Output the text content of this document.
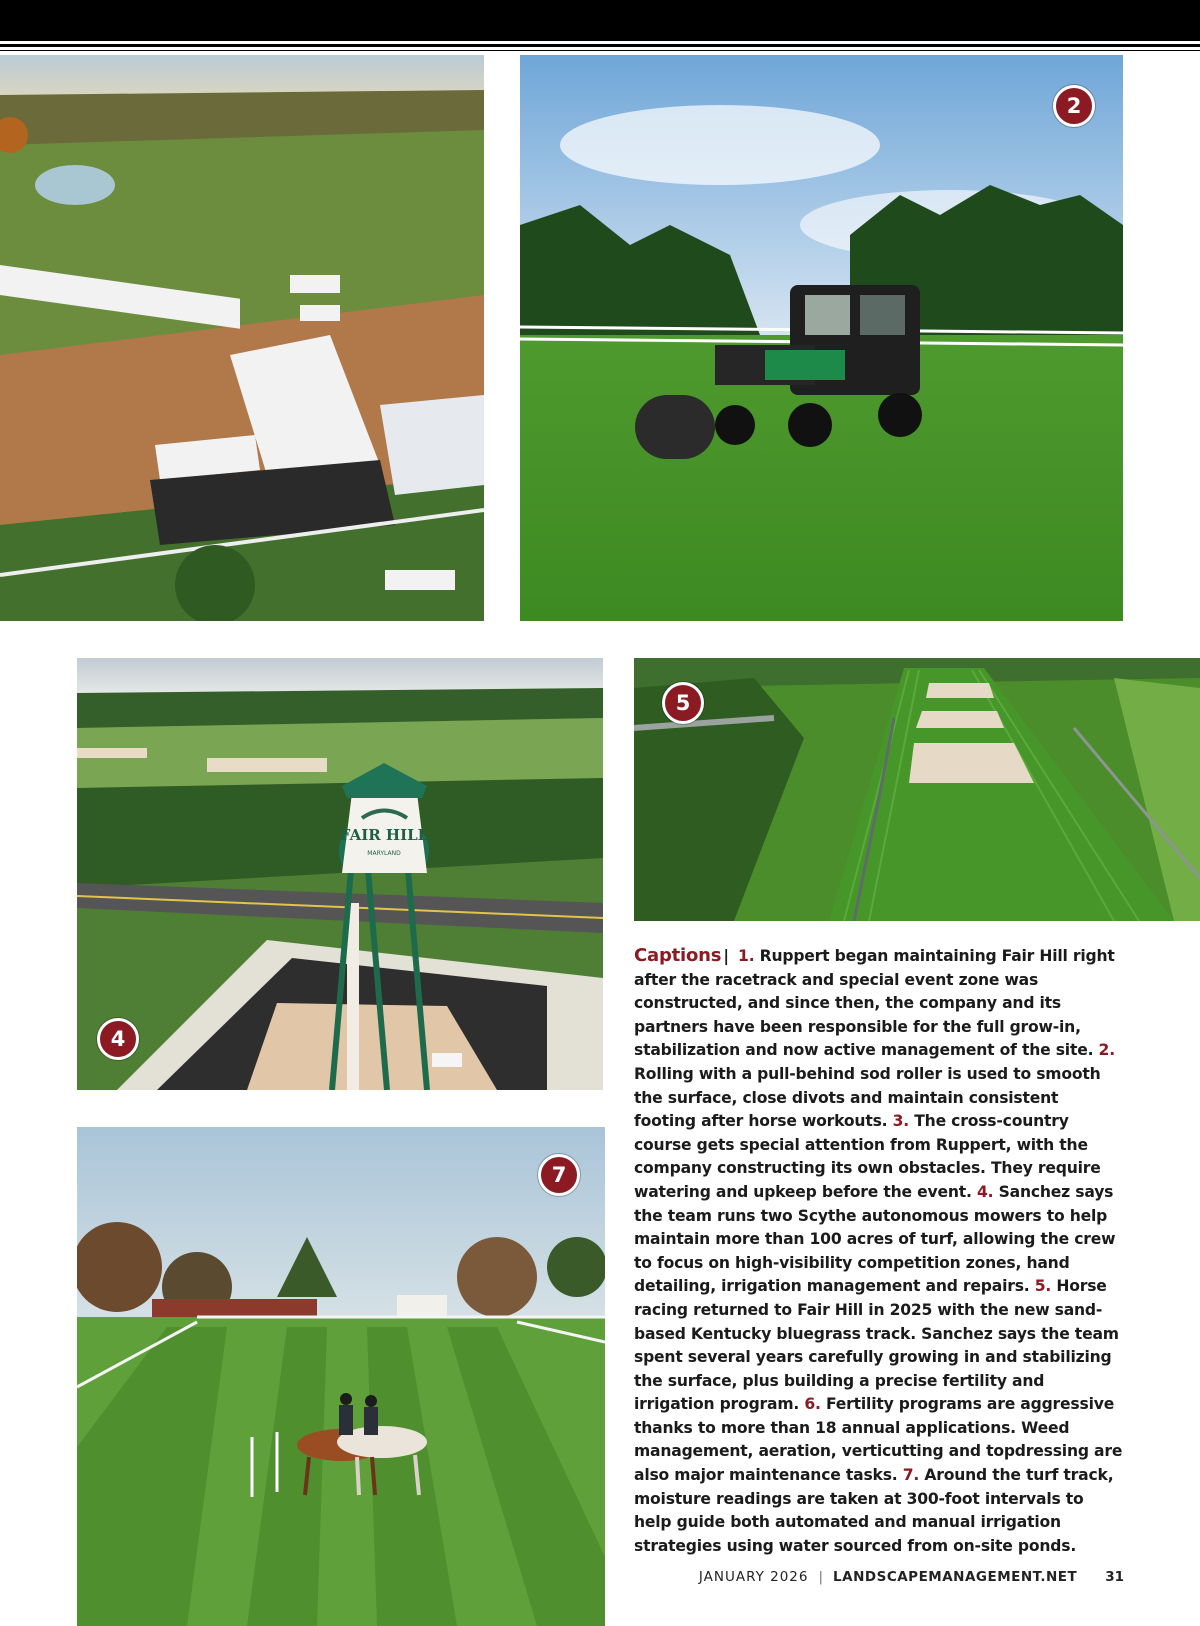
2
FAIR HILL
MARYLAND
4
5
7
Captions | 1. Ruppert began maintaining Fair Hill right after the racetrack and special event zone was constructed, and since then, the company and its partners have been responsible for the full grow-in, stabilization and now active management of the site. 2. Rolling with a pull-behind sod roller is used to smooth the surface, close divots and maintain consistent footing after horse workouts. 3. The cross-country course gets special attention from Ruppert, with the company constructing its own obstacles. They require watering and upkeep before the event. 4. Sanchez says the team runs two Scythe autonomous mowers to help maintain more than 100 acres of turf, allowing the crew to focus on high-visibility competition zones, hand detailing, irrigation management and repairs. 5. Horse racing returned to Fair Hill in 2025 with the new sand-based Kentucky bluegrass track. Sanchez says the team spent several years carefully growing in and stabilizing the surface, plus building a precise fertility and irrigation program. 6. Fertility programs are aggressive thanks to more than 18 annual applications. Weed management, aeration, verticutting and topdressing are also major maintenance tasks. 7. Around the turf track, moisture readings are taken at 300-foot intervals to help guide both automated and manual irrigation strategies using water sourced from on-site ponds.
JANUARY 2026 | LANDSCAPEMANAGEMENT.NET 31
